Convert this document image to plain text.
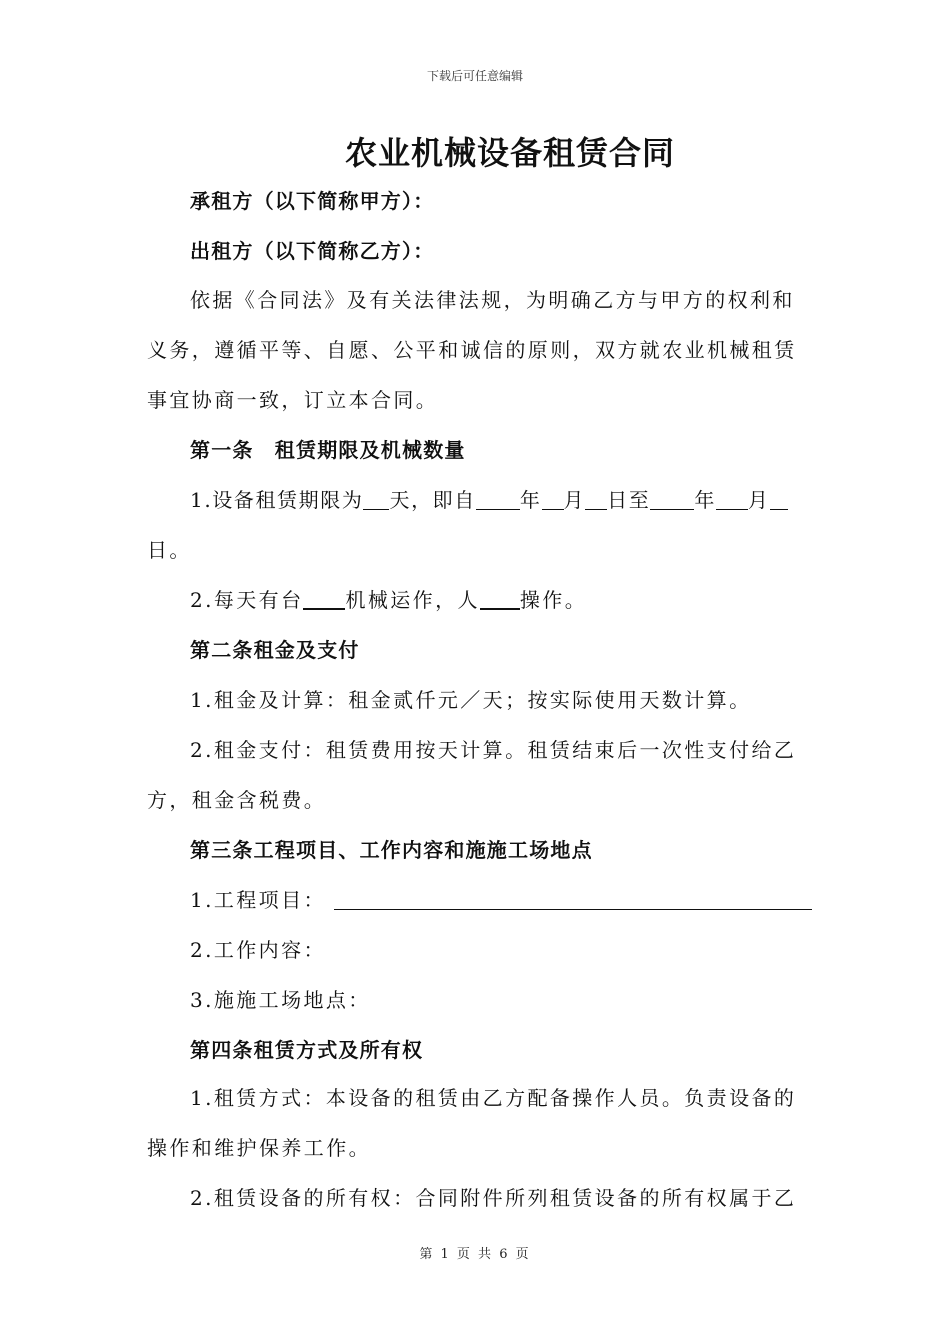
下载后可任意编辑
农业机械设备租赁合同
承租方（以下简称甲方）：
出租方（以下简称乙方）：
依据《合同法》及有关法律法规，为明确乙方与甲方的权利和
义务，遵循平等、自愿、公平和诚信的原则，双方就农业机械租赁
事宜协商一致，订立本合同。
第一条　租赁期限及机械数量
1.设备租赁期限为 天，即自 年 月 日至 年 月
日。
2.每天有台 机械运作，人 操作。
第二条租金及支付
1.租金及计算：租金贰仟元／天；按实际使用天数计算。
2.租金支付：租赁费用按天计算。租赁结束后一次性支付给乙
方，租金含税费。
第三条工程项目、工作内容和施施工场地点
1.工程项目：
2.工作内容：
3.施施工场地点：
第四条租赁方式及所有权
1.租赁方式：本设备的租赁由乙方配备操作人员。负责设备的
操作和维护保养工作。
2.租赁设备的所有权：合同附件所列租赁设备的所有权属于乙
第 1 页 共 6 页
